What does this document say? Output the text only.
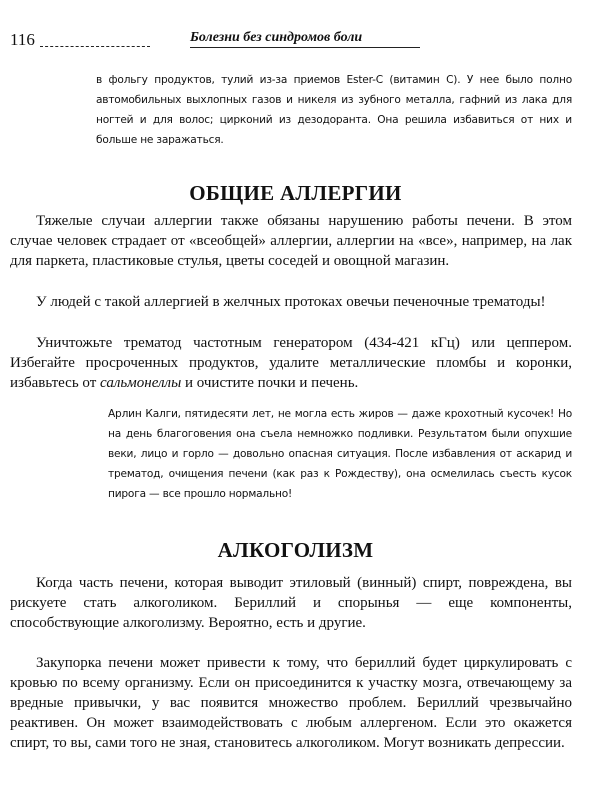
116	Болезни без синдромов боли
в фольгу продуктов, тулий из-за приемов Ester-C (витамин С). У нее было полно автомобильных выхлопных газов и никеля из зубного металла, гафний из лака для ногтей и для волос; цирконий из дезодоранта. Она решила избавиться от них и больше не заражаться.
ОБЩИЕ АЛЛЕРГИИ

Тяжелые случаи аллергии также обязаны нарушению работы печени. В этом случае человек страдает от «всеобщей» аллергии, аллергии на «все», например, на лак для паркета, пластиковые стулья, цветы соседей и овощной магазин.

У людей с такой аллергией в желчных протоках овечьи печеночные трематоды!

Уничтожьте трематод частотным генератором (434-421 кГц) или цеппером. Избегайте просроченных продуктов, удалите металлические пломбы и коронки, избавьтесь от сальмонеллы и очистите почки и печень.

Арлин Калги, пятидесяти лет, не могла есть жиров — даже крохотный кусочек! Но на день благоговения она съела немножко подливки. Результатом были опухшие веки, лицо и горло — довольно опасная ситуация. После избавления от аскарид и трематод, очищения печени (как раз к Рождеству), она осмелилась съесть кусок пирога — все прошло нормально!
АЛКОГОЛИЗМ

Когда часть печени, которая выводит этиловый (винный) спирт, повреждена, вы рискуете стать алкоголиком. Бериллий и спорынья — еще компоненты, способствующие алкоголизму. Вероятно, есть и другие.

Закупорка печени может привести к тому, что бериллий будет циркулировать с кровью по всему организму. Если он присоединится к участку мозга, отвечающему за вредные привычки, у вас появится множество проблем. Бериллий чрезвычайно реактивен. Он может взаимодействовать с любым аллергеном. Если это окажется спирт, то вы, сами того не зная, становитесь алкоголиком. Могут возникать депрессии.
